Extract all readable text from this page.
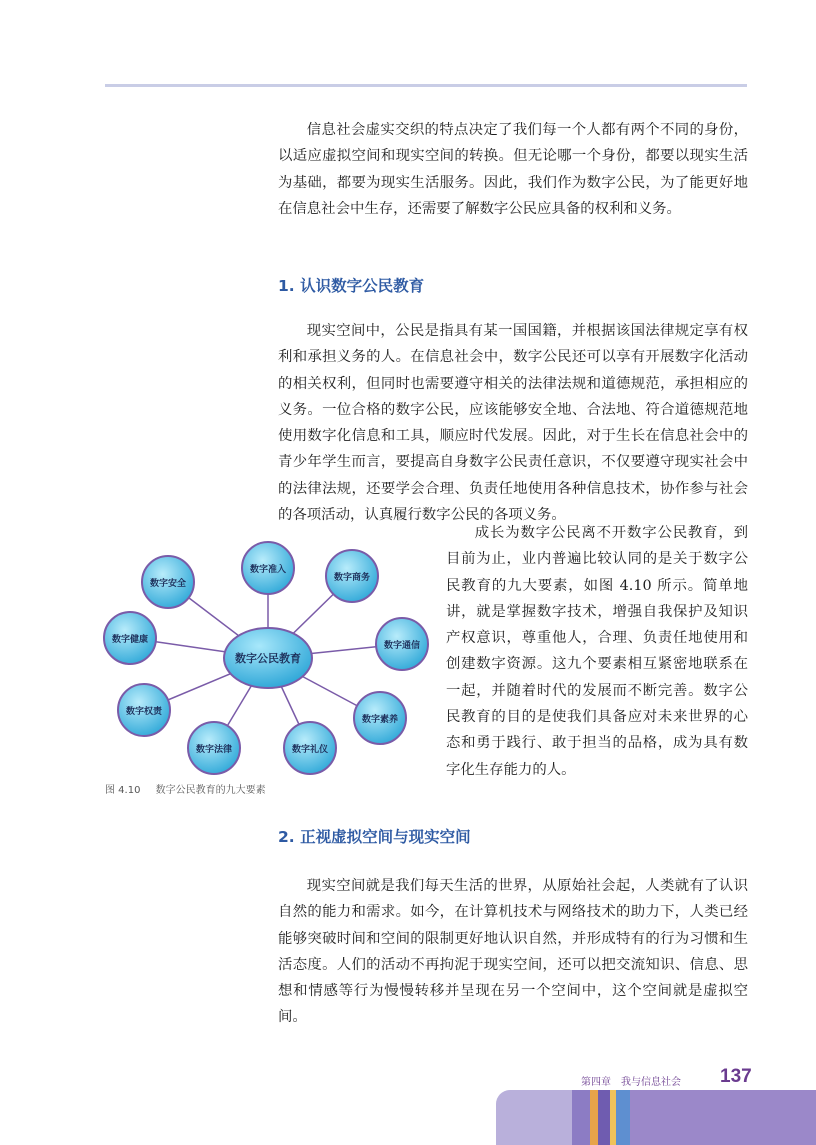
信息社会虚实交织的特点决定了我们每一个人都有两个不同的身份，以适应虚拟空间和现实空间的转换。但无论哪一个身份，都要以现实生活为基础，都要为现实生活服务。因此，我们作为数字公民，为了能更好地在信息社会中生存，还需要了解数字公民应具备的权利和义务。

1. 认识数字公民教育

现实空间中，公民是指具有某一国国籍，并根据该国法律规定享有权利和承担义务的人。在信息社会中，数字公民还可以享有开展数字化活动的相关权利，但同时也需要遵守相关的法律法规和道德规范，承担相应的义务。一位合格的数字公民，应该能够安全地、合法地、符合道德规范地使用数字化信息和工具，顺应时代发展。因此，对于生长在信息社会中的青少年学生而言，要提高自身数字公民责任意识，不仅要遵守现实社会中的法律法规，还要学会合理、负责任地使用各种信息技术，协作参与社会的各项活动，认真履行数字公民的各项义务。

成长为数字公民离不开数字公民教育，到目前为止，业内普遍比较认同的是关于数字公民教育的九大要素，如图 4.10 所示。简单地讲，就是掌握数字技术，增强自我保护及知识产权意识，尊重他人，合理、负责任地使用和创建数字资源。这九个要素相互紧密地联系在一起，并随着时代的发展而不断完善。数字公民教育的目的是使我们具备应对未来世界的心态和勇于践行、敢于担当的品格，成为具有数字化生存能力的人。

数字公民教育
数字安全
数字准入
数字商务
数字健康
数字通信
数字权责
数字素养
数字法律	数字礼仪
图 4.10 数字公民教育的九大要素
2. 正视虚拟空间与现实空间

现实空间就是我们每天生活的世界，从原始社会起，人类就有了认识自然的能力和需求。如今，在计算机技术与网络技术的助力下，人类已经能够突破时间和空间的限制更好地认识自然，并形成特有的行为习惯和生活态度。人们的活动不再拘泥于现实空间，还可以把交流知识、信息、思想和情感等行为慢慢转移并呈现在另一个空间中，这个空间就是虚拟空间。

第四章　我与信息社会 137
